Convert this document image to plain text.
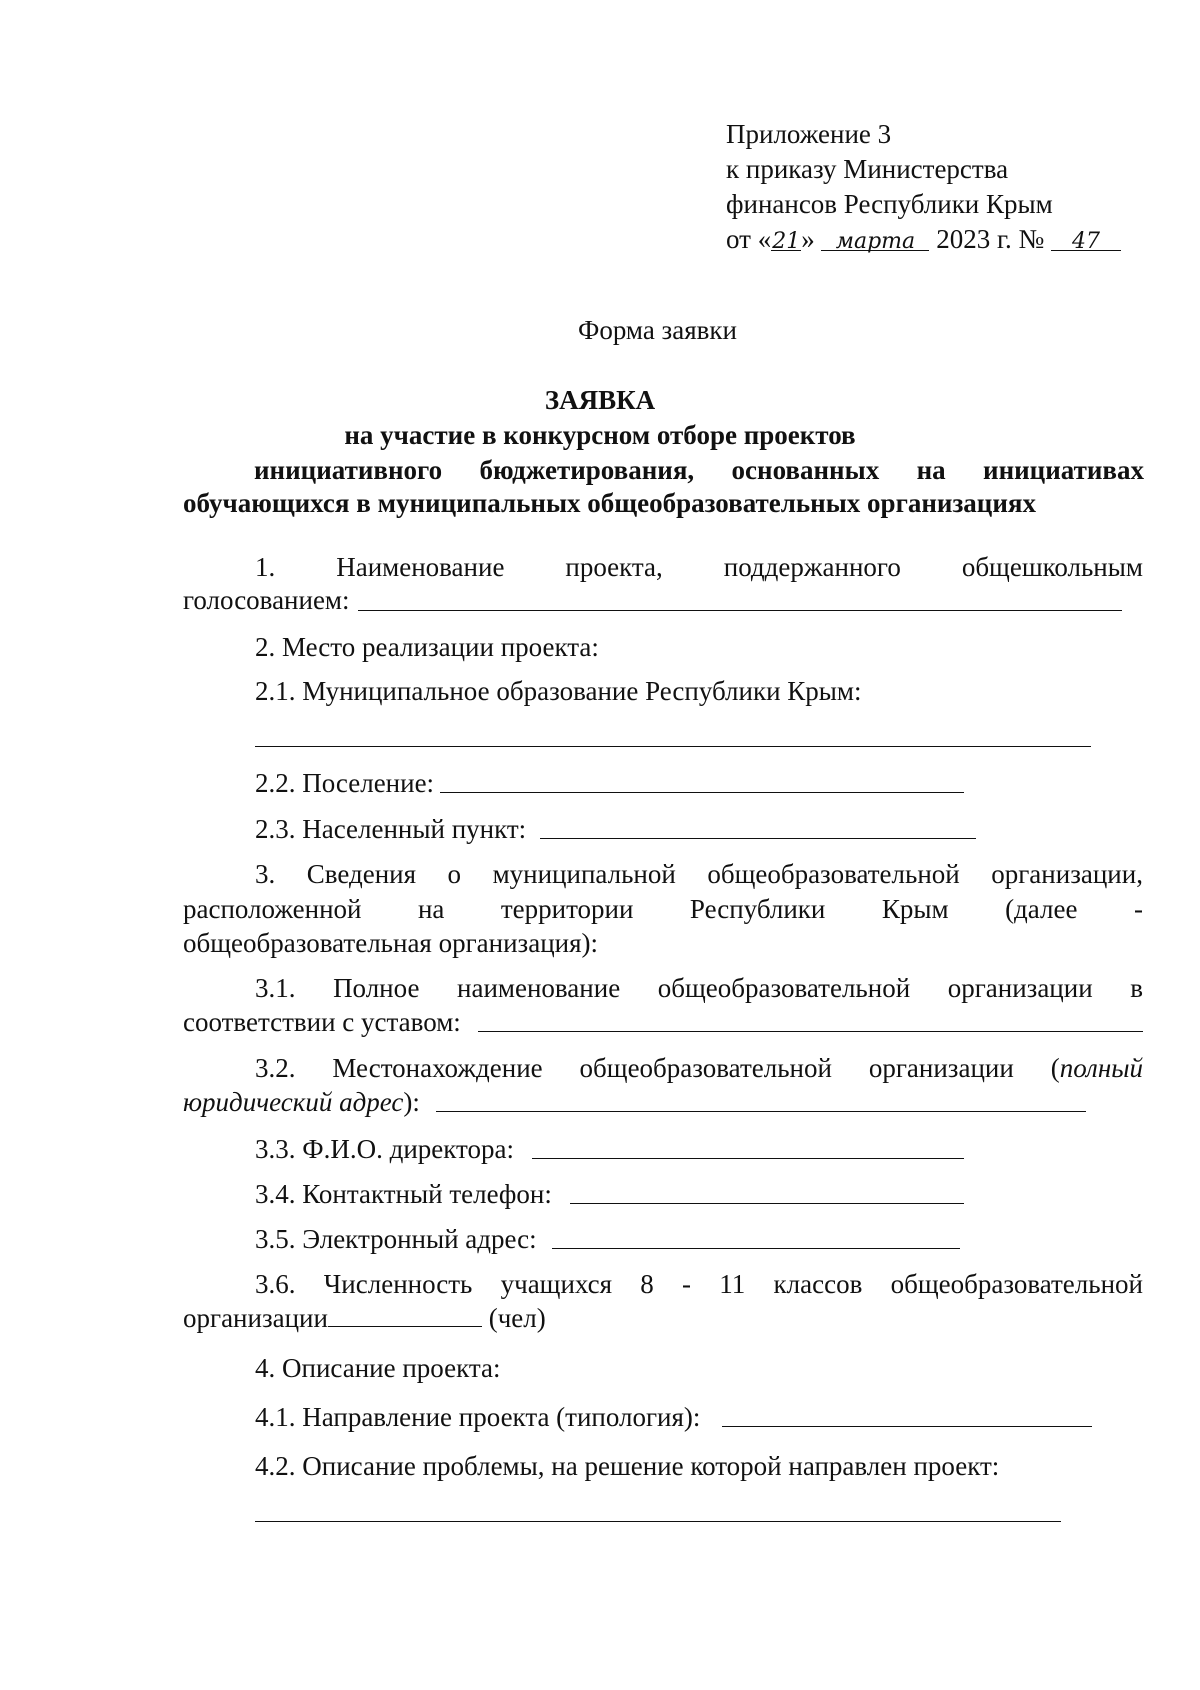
Приложение 3
к приказу Министерства
финансов Республики Крым
от «21» марта 2023 г. № 47
Форма заявки
ЗАЯВКА
на участие в конкурсном отборе проектов
инициативного бюджетирования, основанных на инициативах
обучающихся в муниципальных общеобразовательных организациях
1. Наименование проекта, поддержанного общешкольным
голосованием:
2. Место реализации проекта:
2.1. Муниципальное образование Республики Крым:
2.2. Поселение:
2.3. Населенный пункт:
3. Сведения о муниципальной общеобразовательной организации,
расположенной на территории Республики Крым (далее -
общеобразовательная организация):
3.1. Полное наименование общеобразовательной организации в
соответствии с уставом:
3.2. Местонахождение общеобразовательной организации (полный
юридический адрес):
3.3. Ф.И.О. директора:
3.4. Контактный телефон:
3.5. Электронный адрес:
3.6. Численность учащихся 8 - 11 классов общеобразовательной
организации	(чел)
4. Описание проекта:
4.1. Направление проекта (типология):
4.2. Описание проблемы, на решение которой направлен проект:
